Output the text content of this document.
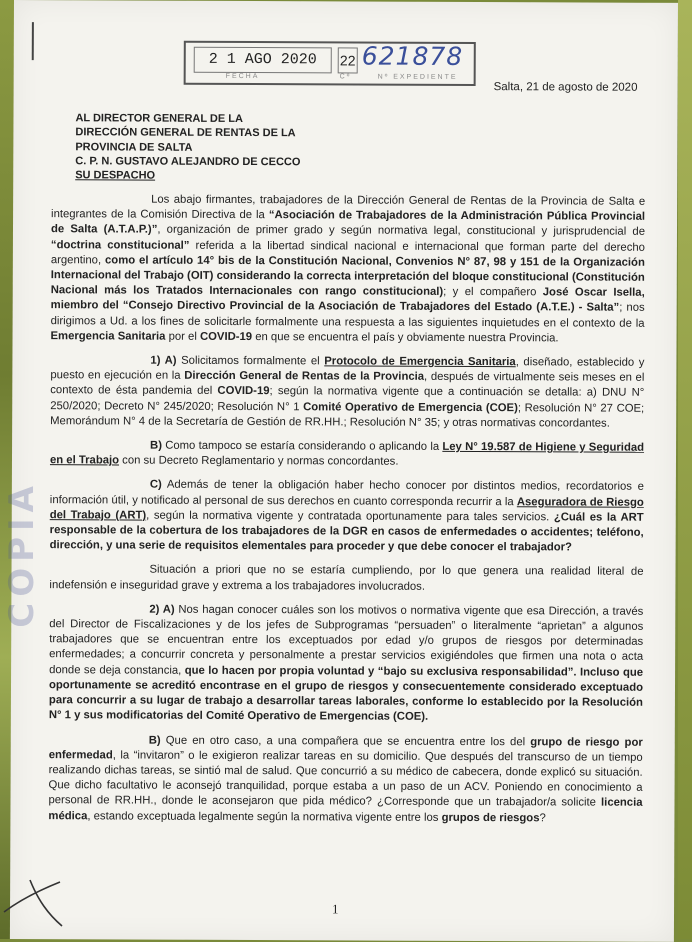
2 1 AGO 2020
FECHA
22
Cº
621878
Nº EXPEDIENTE
Salta, 21 de agosto de 2020
AL DIRECTOR GENERAL DE LA
DIRECCIÓN GENERAL DE RENTAS DE LA
PROVINCIA DE SALTA
C. P. N. GUSTAVO ALEJANDRO DE CECCO
SU DESPACHO

Los abajo firmantes, trabajadores de la Dirección General de Rentas de la Provincia de Salta e integrantes de la Comisión Directiva de la “Asociación de Trabajadores de la Administración Pública Provincial de Salta (A.T.A.P.)”, organización de primer grado y según normativa legal, constitucional y jurisprudencial de “doctrina constitucional” referida a la libertad sindical nacional e internacional que forman parte del derecho argentino, como el artículo 14° bis de la Constitución Nacional, Convenios N° 87, 98 y 151 de la Organización Internacional del Trabajo (OIT) considerando la correcta interpretación del bloque constitucional (Constitución Nacional más los Tratados Internacionales con rango constitucional); y el compañero José Oscar Isella, miembro del “Consejo Directivo Provincial de la Asociación de Trabajadores del Estado (A.T.E.) - Salta”; nos dirigimos a Ud. a los fines de solicitarle formalmente una respuesta a las siguientes inquietudes en el contexto de la Emergencia Sanitaria por el COVID-19 en que se encuentra el país y obviamente nuestra Provincia.

1) A) Solicitamos formalmente el Protocolo de Emergencia Sanitaria, diseñado, establecido y puesto en ejecución en la Dirección General de Rentas de la Provincia, después de virtualmente seis meses en el contexto de ésta pandemia del COVID-19; según la normativa vigente que a continuación se detalla: a) DNU N° 250/2020; Decreto N° 245/2020; Resolución N° 1 Comité Operativo de Emergencia (COE); Resolución N° 27 COE; Memorándum N° 4 de la Secretaría de Gestión de RR.HH.; Resolución N° 35; y otras normativas concordantes.

B) Como tampoco se estaría considerando o aplicando la Ley N° 19.587 de Higiene y Seguridad en el Trabajo con su Decreto Reglamentario y normas concordantes.

C) Además de tener la obligación haber hecho conocer por distintos medios, recordatorios e información útil, y notificado al personal de sus derechos en cuanto corresponda recurrir a la Aseguradora de Riesgo del Trabajo (ART), según la normativa vigente y contratada oportunamente para tales servicios. ¿Cuál es la ART responsable de la cobertura de los trabajadores de la DGR en casos de enfermedades o accidentes; teléfono, dirección, y una serie de requisitos elementales para proceder y que debe conocer el trabajador?

Situación a priori que no se estaría cumpliendo, por lo que genera una realidad literal de indefensión e inseguridad grave y extrema a los trabajadores involucrados.

2) A) Nos hagan conocer cuáles son los motivos o normativa vigente que esa Dirección, a través del Director de Fiscalizaciones y de los jefes de Subprogramas “persuaden” o literalmente “aprietan” a algunos trabajadores que se encuentran entre los exceptuados por edad y/o grupos de riesgos por determinadas enfermedades; a concurrir concreta y personalmente a prestar servicios exigiéndoles que firmen una nota o acta donde se deja constancia, que lo hacen por propia voluntad y “bajo su exclusiva responsabilidad”. Incluso que oportunamente se acreditó encontrase en el grupo de riesgos y consecuentemente considerado exceptuado para concurrir a su lugar de trabajo a desarrollar tareas laborales, conforme lo establecido por la Resolución N° 1 y sus modificatorias del Comité Operativo de Emergencias (COE).

B) Que en otro caso, a una compañera que se encuentra entre los del grupo de riesgo por enfermedad, la “invitaron” o le exigieron realizar tareas en su domicilio. Que después del transcurso de un tiempo realizando dichas tareas, se sintió mal de salud. Que concurrió a su médico de cabecera, donde explicó su situación. Que dicho facultativo le aconsejó tranquilidad, porque estaba a un paso de un ACV. Poniendo en conocimiento a personal de RR.HH., donde le aconsejaron que pida médico? ¿Corresponde que un trabajador/a solicite licencia médica, estando exceptuada legalmente según la normativa vigente entre los grupos de riesgos?

1
COPIA
